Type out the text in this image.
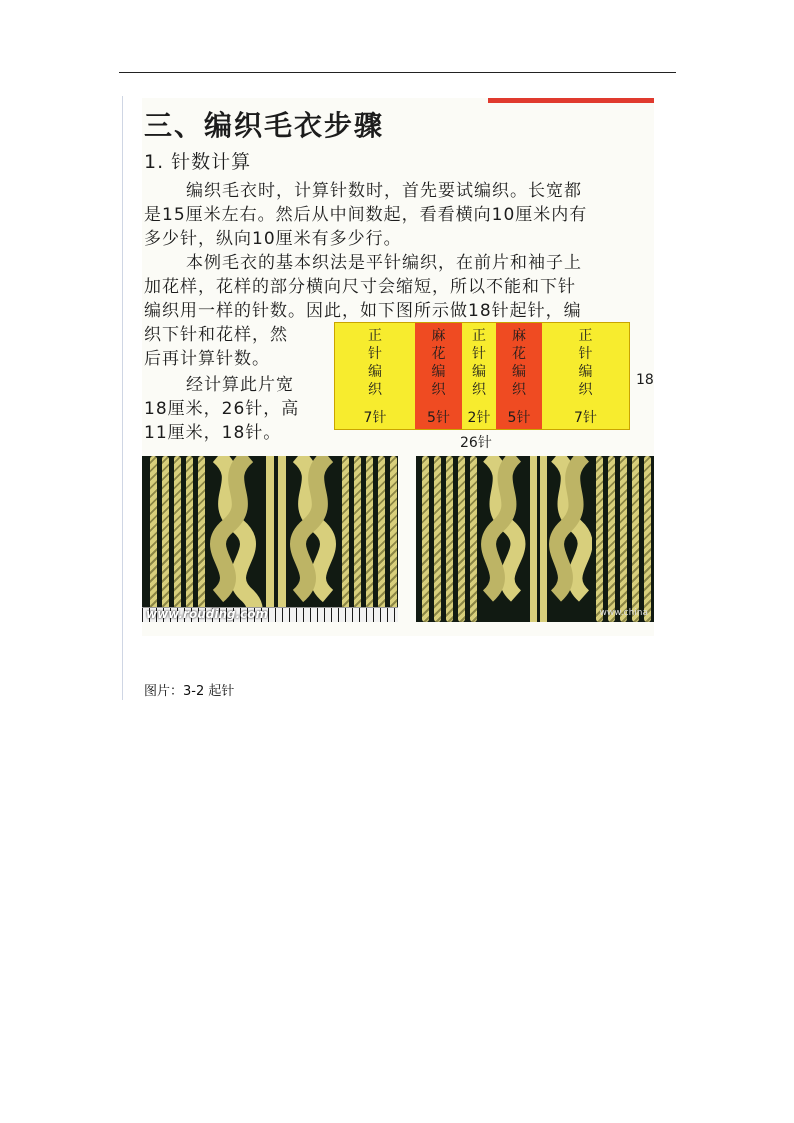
三、编织毛衣步骤
1. 针数计算
编织毛衣时，计算针数时，首先要试编织。长宽都
是15厘米左右。然后从中间数起，看看横向10厘米内有
多少针，纵向10厘米有多少行。
本例毛衣的基本织法是平针编织，在前片和袖子上
加花样，花样的部分横向尺寸会缩短，所以不能和下针
编织用一样的针数。因此，如下图所示做18针起针，编
织下针和花样，然
后再计算针数。
经计算此片宽
18厘米，26针，高
11厘米，18针。
正
针
编
织
7针
麻
花
编
织
5针
正
针
编
织
2针
麻
花
编
织
5针
正
针
编
织
7针
26针
18
www.rouding.com	www.china
图片：3-2 起针
